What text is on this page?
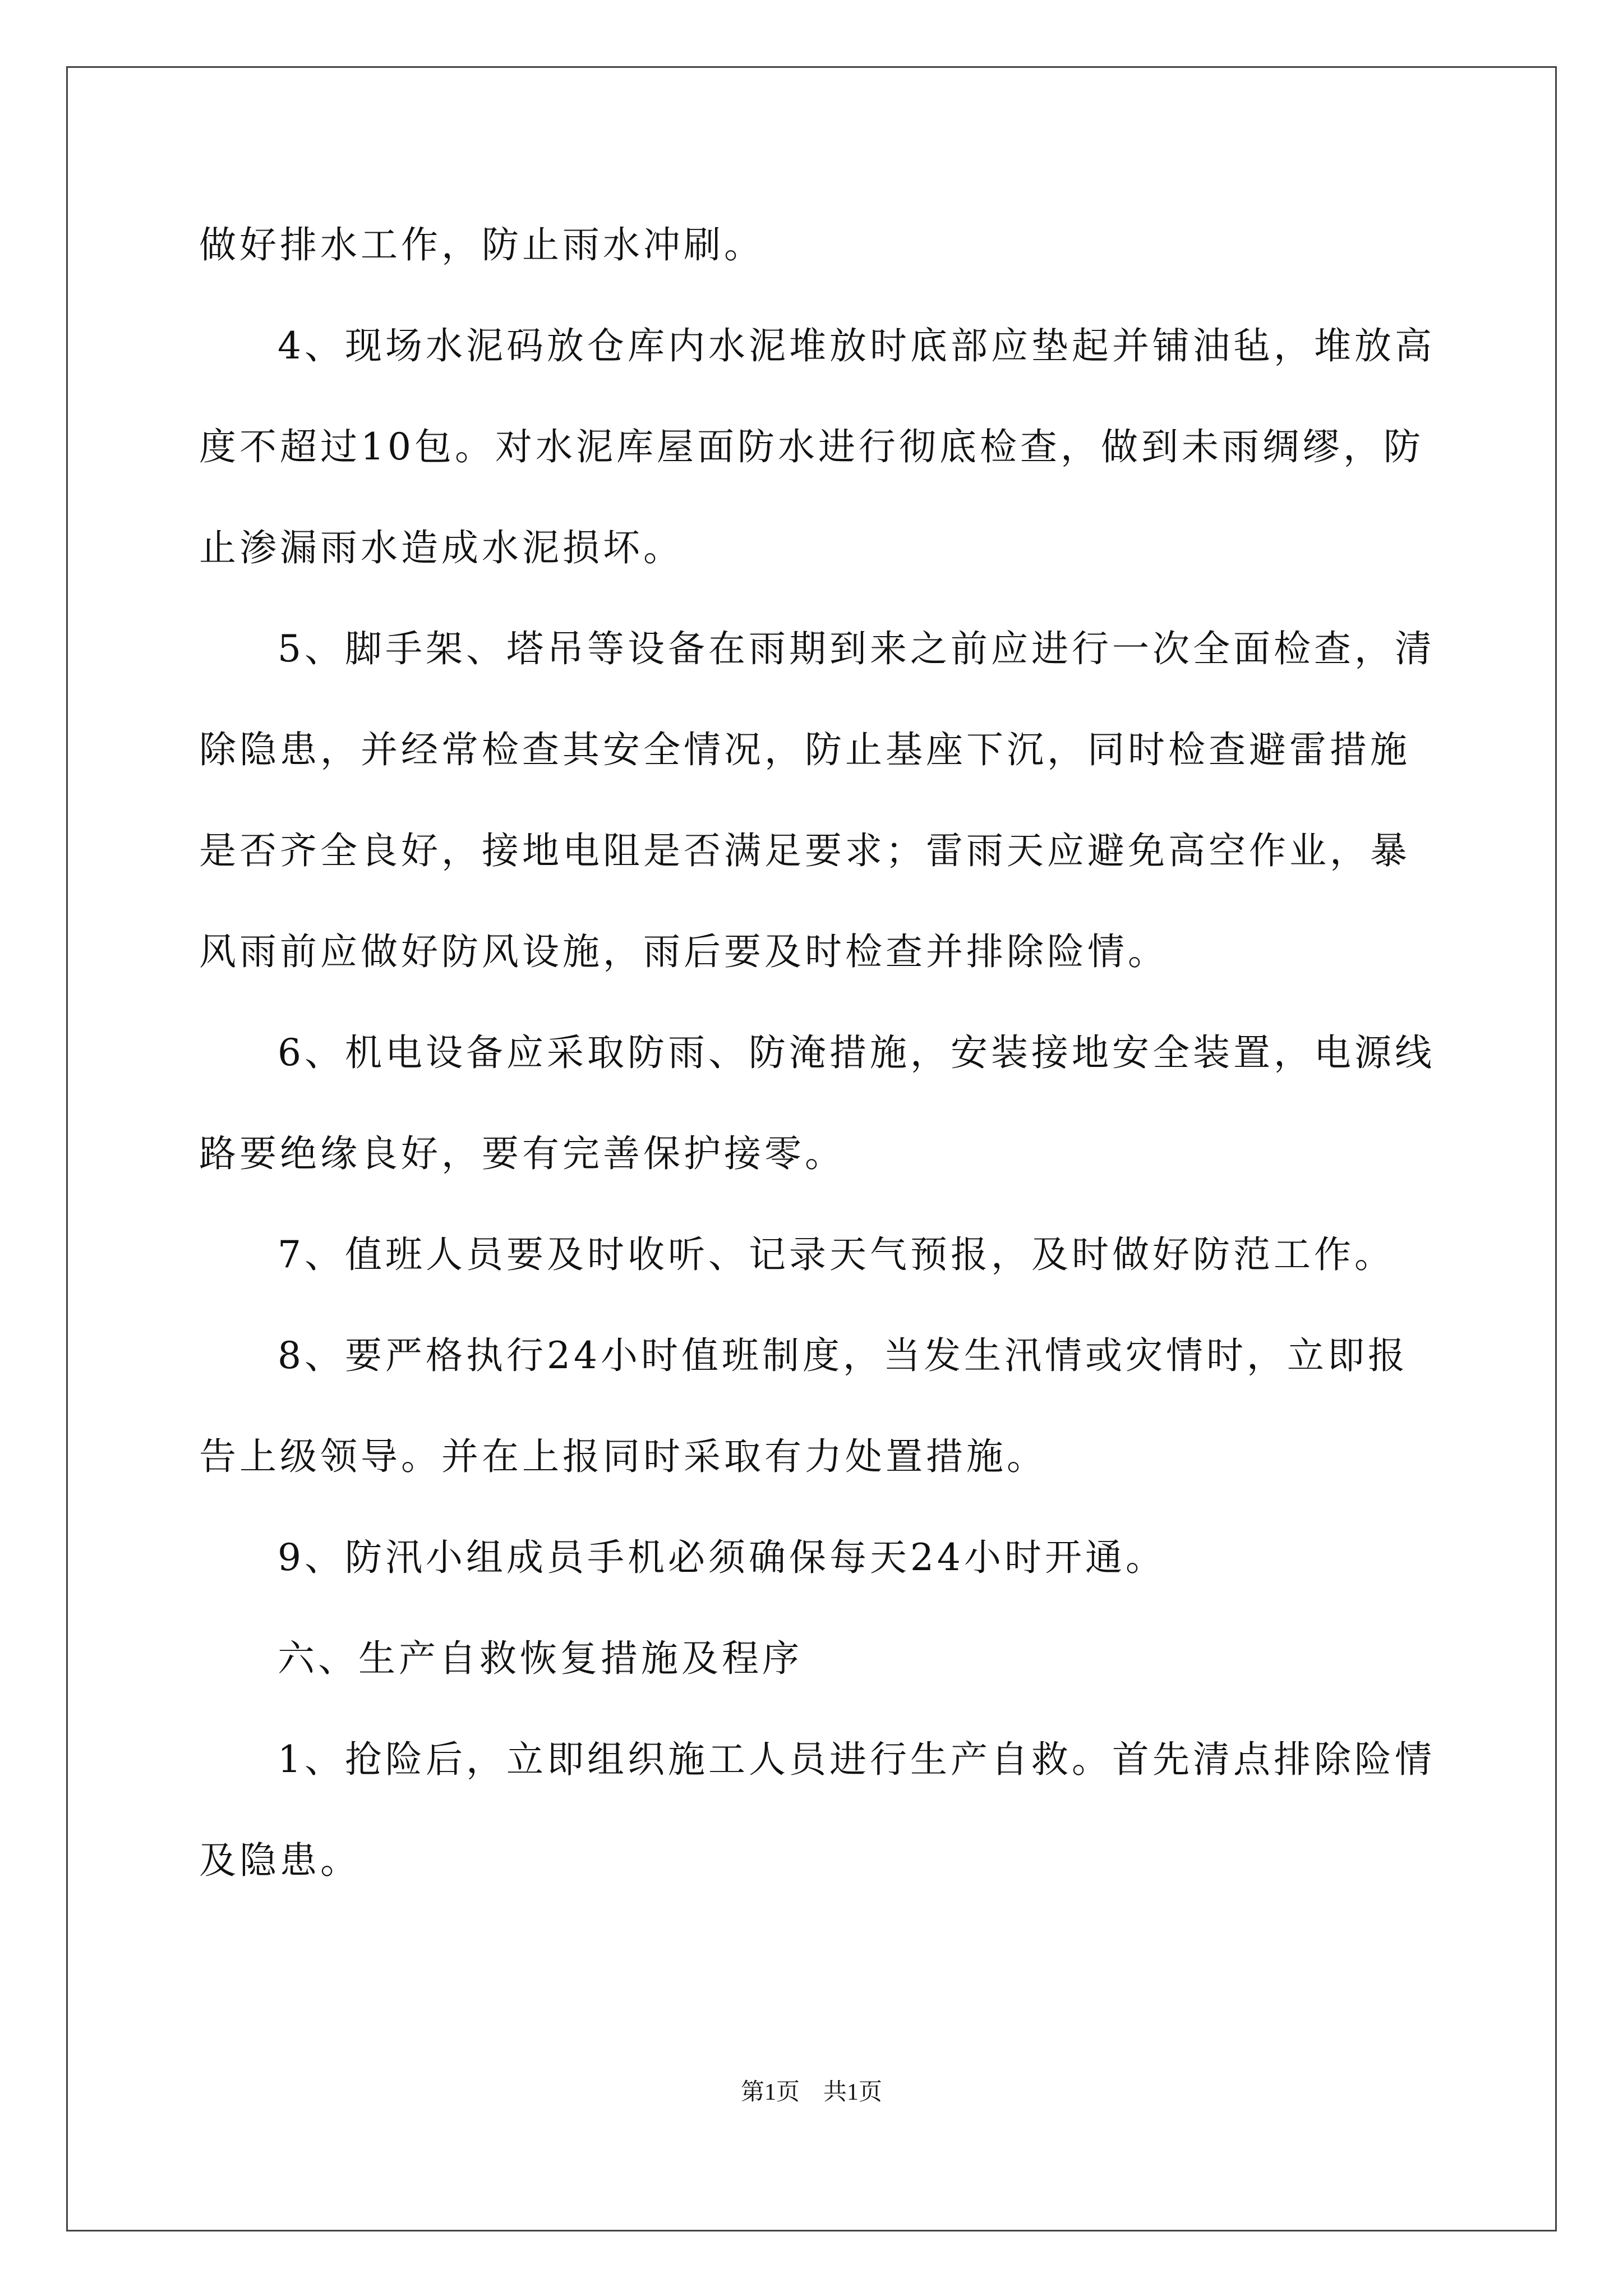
做好排水工作，防止雨水冲刷。

4、现场水泥码放仓库内水泥堆放时底部应垫起并铺油毡，堆放高

度不超过10包。对水泥库屋面防水进行彻底检查，做到未雨绸缪，防

止渗漏雨水造成水泥损坏。

5、脚手架、塔吊等设备在雨期到来之前应进行一次全面检查，清

除隐患，并经常检查其安全情况，防止基座下沉，同时检查避雷措施

是否齐全良好，接地电阻是否满足要求；雷雨天应避免高空作业，暴

风雨前应做好防风设施，雨后要及时检查并排除险情。

6、机电设备应采取防雨、防淹措施，安装接地安全装置，电源线

路要绝缘良好，要有完善保护接零。

7、值班人员要及时收听、记录天气预报，及时做好防范工作。

8、要严格执行24小时值班制度，当发生汛情或灾情时，立即报

告上级领导。并在上报同时采取有力处置措施。

9、防汛小组成员手机必须确保每天24小时开通。

六、生产自救恢复措施及程序

1、抢险后，立即组织施工人员进行生产自救。首先清点排除险情

及隐患。

第1页　共1页
